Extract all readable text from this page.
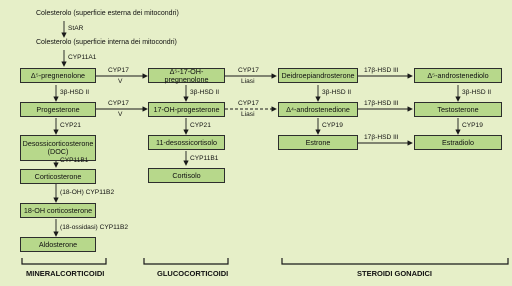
Colesterolo (superficie esterna dei mitocondri)
StAR
Colesterolo (superficie interna dei mitocondri)
CYP11A1
Δ⁵-pregnenolone
3β-HSD II
Progesterone
CYP21
Desossicorticosterone (DOC)
CYP11B1
Corticosterone
(18-OH) CYP11B2
18-OH corticosterone
(18-ossidasi) CYP11B2
Aldosterone
CYP17
V
CYP17
V
Δ⁵-17-OH-pregnenolone
3β-HSD II
17-OH-progesterone
CYP21
11-desossicortisolo
CYP11B1
Cortisolo
CYP17
Liasi
CYP17
Liasi
Deidroepiandrosterone
17β-HSD III
Δ⁵-androstenediolo
3β-HSD II	3β-HSD II
Δ⁴-androstenedione
17β-HSD III
Testosterone
CYP19	CYP19
Estrone
17β-HSD III
Estradiolo
MINERALCORTICOIDI	GLUCOCORTICOIDI	STEROIDI GONADICI
